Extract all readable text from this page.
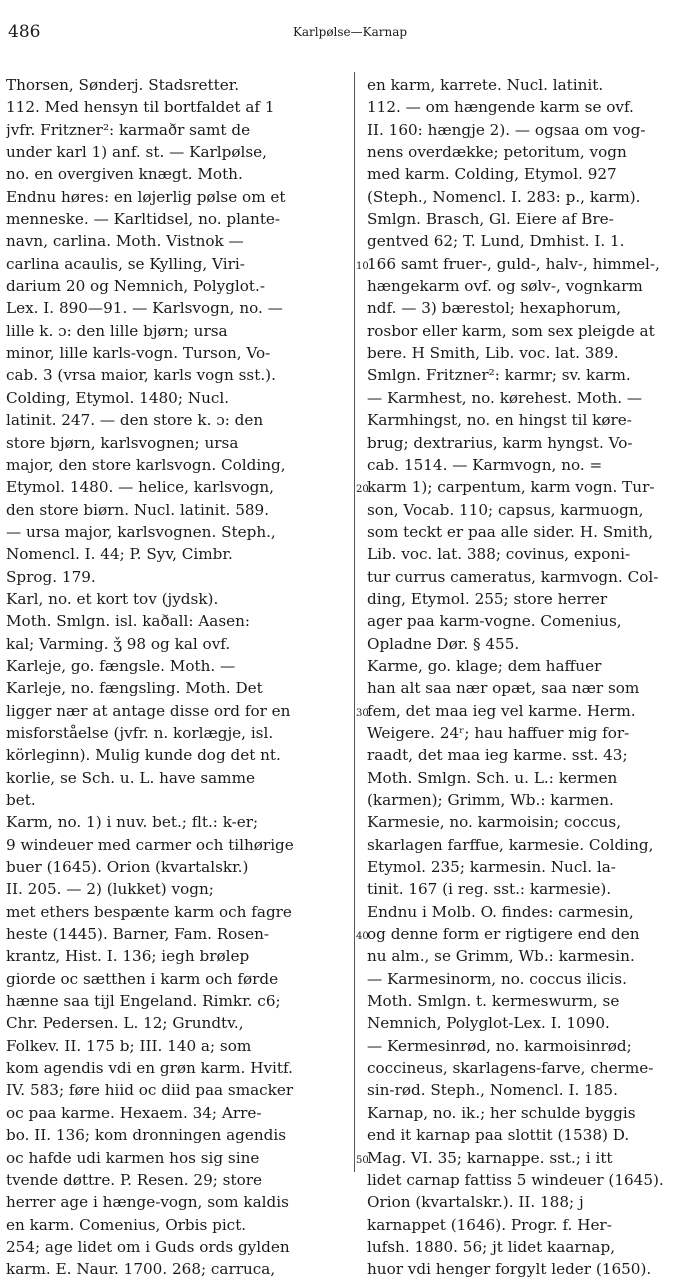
486	Karlpølse—Karnap
Thorsen, Sønderj. Stadsretter.
112. Med hensyn til bortfaldet af 1
jvfr. Fritzner²: karmaðr samt de
under karl 1) anf. st. — Karlpølse,
no. en overgiven knægt. Moth.
Endnu høres: en løjerlig pølse om et
menneske. — Karltidsel, no. plante-
navn, carlina. Moth. Vistnok —
carlina acaulis, se Kylling, Viri-
darium 20 og Nemnich, Polyglot.-
Lex. I. 890—91. — Karlsvogn, no. —
lille k. ɔ: den lille bjørn; ursa
minor, lille karls-vogn. Turson, Vo-
cab. 3 (vrsa maior, karls vogn sst.).
Colding, Etymol. 1480; Nucl.
latinit. 247. — den store k. ɔ: den
store bjørn, karlsvognen; ursa
major, den store karlsvogn. Colding,
Etymol. 1480. — helice, karlsvogn,
den store biørn. Nucl. latinit. 589.
— ursa major, karlsvognen. Steph.,
Nomencl. I. 44; P. Syv, Cimbr.
Sprog. 179.
Karl, no. et kort tov (jydsk).
Moth. Smlgn. isl. kaðall: Aasen:
kal; Varming. ǯ 98 og kal ovf.
Karleje, go. fængsle. Moth. —
Karleje, no. fængsling. Moth. Det
ligger nær at antage disse ord for en
misforståelse (jvfr. n. korlægje, isl.
körleginn). Mulig kunde dog det nt.
korlie, se Sch. u. L. have samme
bet.
Karm, no. 1) i nuv. bet.; flt.: k-er;
9 windeuer med carmer och tilhørige
buer (1645). Orion (kvartalskr.)
II. 205. — 2) (lukket) vogn;
met ethers bespænte karm och fagre
heste (1445). Barner, Fam. Rosen-
krantz, Hist. I. 136; iegh brølep
giorde oc sætthen i karm och førde
hænne saa tijl Engeland. Rimkr. c6;
Chr. Pedersen. L. 12; Grundtv.,
Folkev. II. 175 b; III. 140 a; som
kom agendis vdi en grøn karm. Hvitf.
IV. 583; føre hiid oc diid paa smacker
oc paa karme. Hexaem. 34; Arre-
bo. II. 136; kom dronningen agendis
oc hafde udi karmen hos sig sine
tvende døttre. P. Resen. 29; store
herrer age i hænge-vogn, som kaldis
en karm. Comenius, Orbis pict.
254; age lidet om i Guds ords gylden
karm. E. Naur. 1700. 268; carruca,
en karm, karrete. Nucl. latinit.
112. — om hængende karm se ovf.
II. 160: hængje 2). — ogsaa om vog-
nens overdække; petoritum, vogn
med karm. Colding, Etymol. 927
(Steph., Nomencl. I. 283: p., karm).
Smlgn. Brasch, Gl. Eiere af Bre-
gentved 62; T. Lund, Dmhist. I. 1.
166 samt fruer-, guld-, halv-, himmel-,
hængekarm ovf. og sølv-, vognkarm
ndf. — 3) bærestol; hexaphorum,
rosbor eller karm, som sex pleigde at
bere. H Smith, Lib. voc. lat. 389.
Smlgn. Fritzner²: karmr; sv. karm.
— Karmhest, no. kørehest. Moth. —
Karmhingst, no. en hingst til køre-
brug; dextrarius, karm hyngst. Vo-
cab. 1514. — Karmvogn, no. =
karm 1); carpentum, karm vogn. Tur-
son, Vocab. 110; capsus, karmuogn,
som teckt er paa alle sider. H. Smith,
Lib. voc. lat. 388; covinus, exponi-
tur currus cameratus, karmvogn. Col-
ding, Etymol. 255; store herrer
ager paa karm-vogne. Comenius,
Opladne Dør. § 455.
Karme, go. klage; dem haffuer
han alt saa nær opæt, saa nær som
fem, det maa ieg vel karme. Herm.
Weigere. 24ʳ; hau haffuer mig for-
raadt, det maa ieg karme. sst. 43;
Moth. Smlgn. Sch. u. L.: kermen
(karmen); Grimm, Wb.: karmen.
Karmesie, no. karmoisin; coccus,
skarlagen farffue, karmesie. Colding,
Etymol. 235; karmesin. Nucl. la-
tinit. 167 (i reg. sst.: karmesie).
Endnu i Molb. O. findes: carmesin,
og denne form er rigtigere end den
nu alm., se Grimm, Wb.: karmesin.
— Karmesinorm, no. coccus ilicis.
Moth. Smlgn. t. kermeswurm, se
Nemnich, Polyglot-Lex. I. 1090.
— Kermesinrød, no. karmoisinrød;
coccineus, skarlagens-farve, cherme-
sin-rød. Steph., Nomencl. I. 185.
Karnap, no. ik.; her schulde byggis
end it karnap paa slottit (1538) D.
Mag. VI. 35; karnappe. sst.; i itt
lidet carnap fattiss 5 windeuer (1645).
Orion (kvartalskr.). II. 188; j
karnappet (1646). Progr. f. Her-
lufsh. 1880. 56; jt lidet kaarnap,
huor vdi henger forgylt leder (1650).
10
20
30
40
50
